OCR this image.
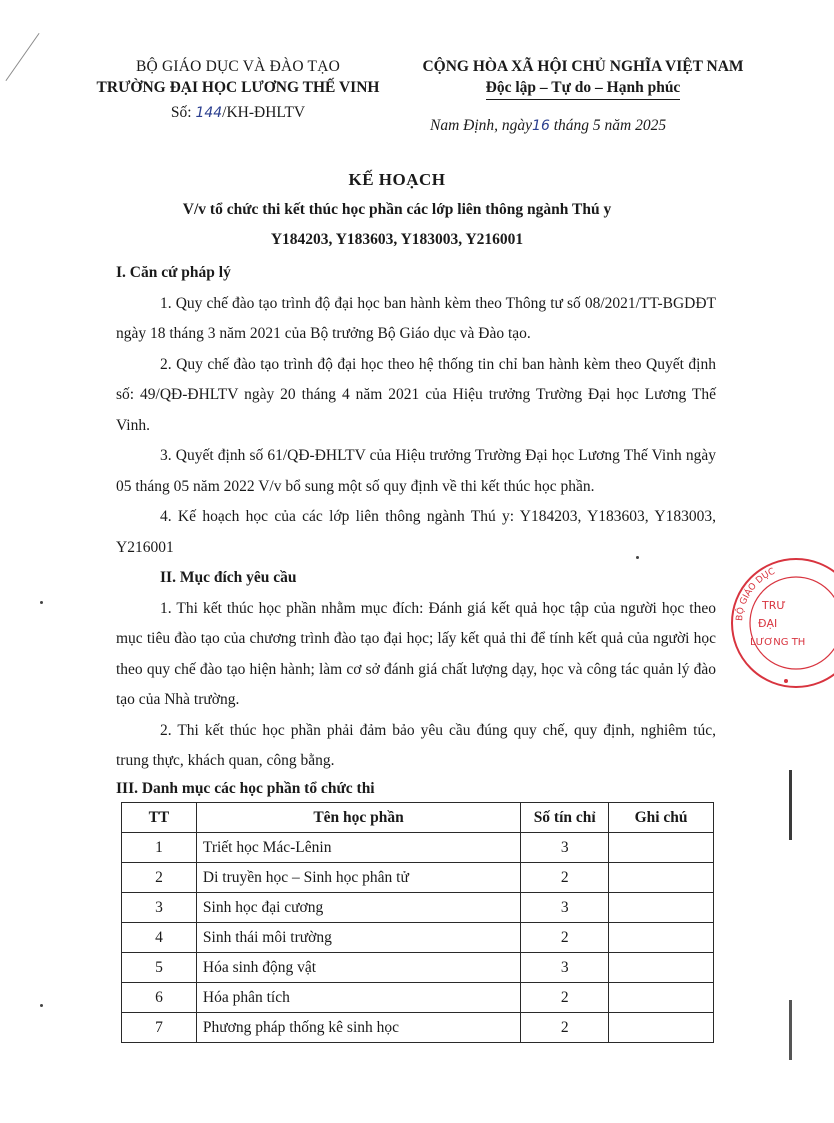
BỘ GIÁO DỤC VÀ ĐÀO TẠO
TRƯỜNG ĐẠI HỌC LƯƠNG THẾ VINH
Số: 144/KH-ĐHLTV
CỘNG HÒA XÃ HỘI CHỦ NGHĨA VIỆT NAM
Độc lập – Tự do – Hạnh phúc
Nam Định, ngày16 tháng 5 năm 2025
KẾ HOẠCH
V/v tổ chức thi kết thúc học phần các lớp liên thông ngành Thú y
Y184203, Y183603, Y183003, Y216001
I. Căn cứ pháp lý

1. Quy chế đào tạo trình độ đại học ban hành kèm theo Thông tư số 08/2021/TT-BGDĐT ngày 18 tháng 3 năm 2021 của Bộ trưởng Bộ Giáo dục và Đào tạo.

2. Quy chế đào tạo trình độ đại học theo hệ thống tin chỉ ban hành kèm theo Quyết định số: 49/QĐ-ĐHLTV ngày 20 tháng 4 năm 2021 của Hiệu trưởng Trường Đại học Lương Thế Vinh.

3. Quyết định số 61/QĐ-ĐHLTV của Hiệu trưởng Trường Đại học Lương Thế Vinh ngày 05 tháng 05 năm 2022 V/v bổ sung một số quy định về thi kết thúc học phần.

4. Kế hoạch học của các lớp liên thông ngành Thú y: Y184203, Y183603, Y183003, Y216001

II. Mục đích yêu cầu

1. Thi kết thúc học phần nhằm mục đích: Đánh giá kết quả học tập của người học theo mục tiêu đào tạo của chương trình đào tạo đại học; lấy kết quả thi để tính kết quả của người học theo quy chế đào tạo hiện hành; làm cơ sở đánh giá chất lượng dạy, học và công tác quản lý đào tạo của Nhà trường.

2. Thi kết thúc học phần phải đảm bảo yêu cầu đúng quy chế, quy định, nghiêm túc, trung thực, khách quan, công bằng.

III. Danh mục các học phần tổ chức thi
TT	Tên học phần	Số tín chỉ	Ghi chú
1	Triết học Mác-Lênin	3	
2	Di truyền học – Sinh học phân tử	2	
3	Sinh học đại cương	3	
4	Sinh thái môi trường	2	
5	Hóa sinh động vật	3	
6	Hóa phân tích	2	
7	Phương pháp thống kê sinh học	2	
BỘ GIÁO DỤC
TRƯ
ĐẠI
LƯƠNG TH
